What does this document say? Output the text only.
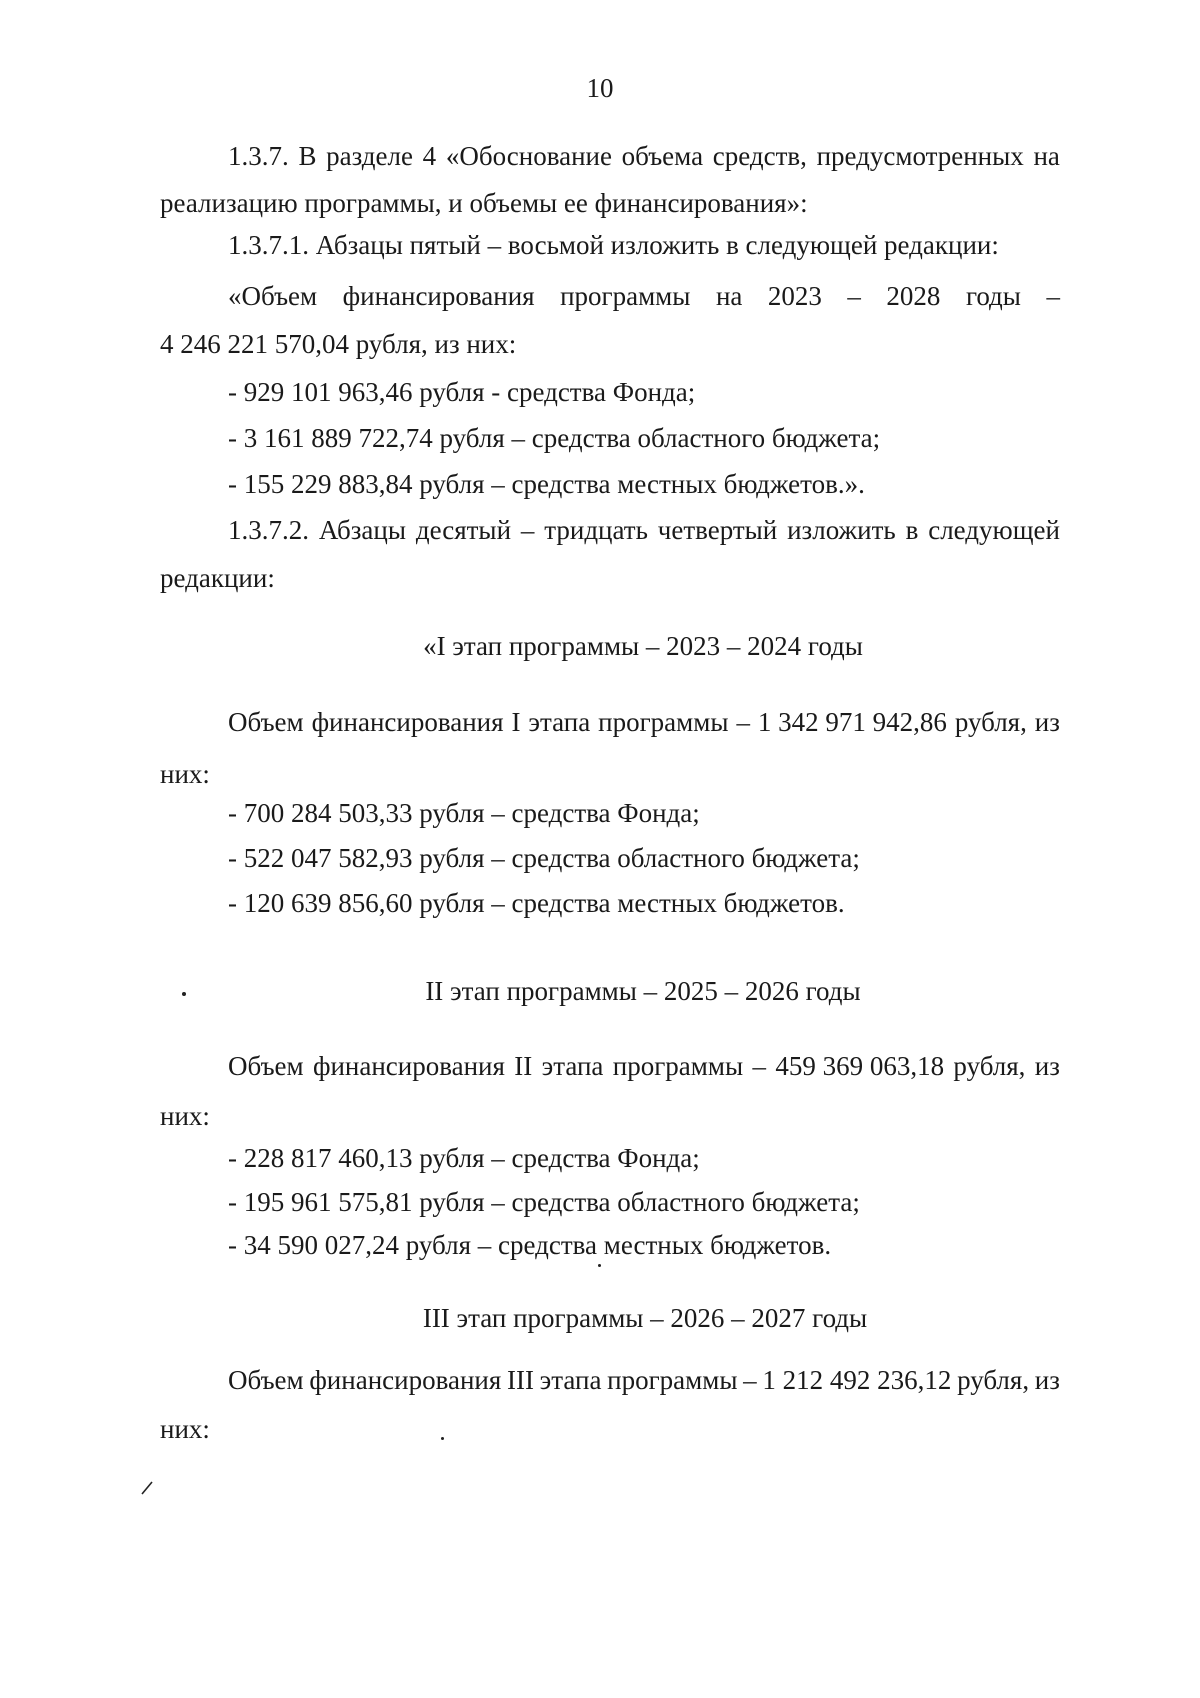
10
1.3.7. В разделе 4 «Обоснование объема средств, предусмотренных на
реализацию программы, и объемы ее финансирования»:
1.3.7.1. Абзацы пятый – восьмой изложить в следующей редакции:
«Объем финансирования программы на 2023 – 2028 годы –
4 246 221 570,04 рубля, из них:
- 929 101 963,46 рубля - средства Фонда;
- 3 161 889 722,74 рубля – средства областного бюджета;
- 155 229 883,84 рубля – средства местных бюджетов.».
1.3.7.2. Абзацы десятый – тридцать четвертый изложить в следующей
редакции:
«I этап программы – 2023 – 2024 годы
Объем финансирования I этапа программы – 1 342 971 942,86 рубля, из
них:
- 700 284 503,33 рубля – средства Фонда;
- 522 047 582,93 рубля – средства областного бюджета;
- 120 639 856,60 рубля – средства местных бюджетов.
II этап программы – 2025 – 2026 годы
Объем финансирования II этапа программы – 459 369 063,18 рубля, из
них:
- 228 817 460,13 рубля – средства Фонда;
- 195 961 575,81 рубля – средства областного бюджета;
- 34 590 027,24 рубля – средства местных бюджетов.
III этап программы – 2026 – 2027 годы
Объем финансирования III этапа программы – 1 212 492 236,12 рубля, из
них:
